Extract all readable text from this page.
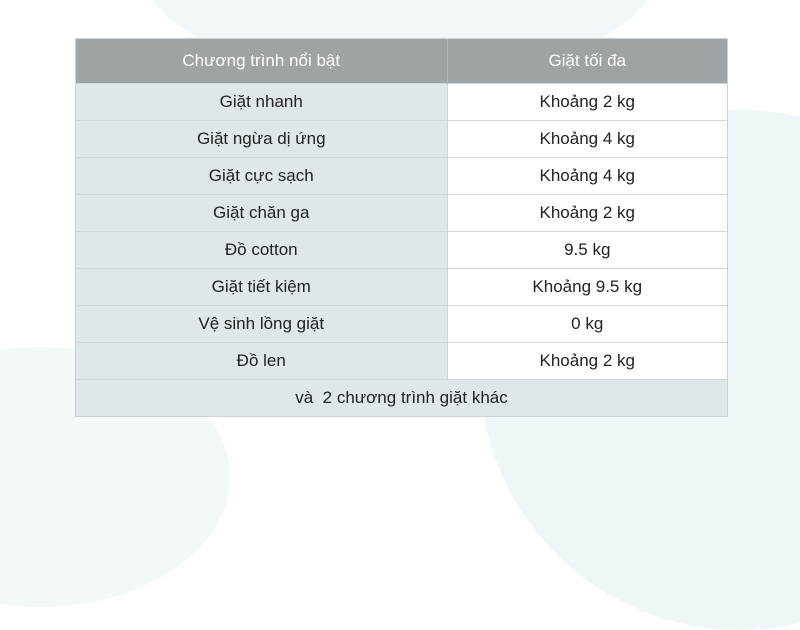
Chương trình nổi bật	Giặt tối đa
Giặt nhanh	Khoảng 2 kg
Giặt ngừa dị ứng	Khoảng 4 kg
Giặt cực sạch	Khoảng 4 kg
Giặt chăn ga	Khoảng 2 kg
Đồ cotton	9.5 kg
Giặt tiết kiệm	Khoảng 9.5 kg
Vệ sinh lồng giặt	0 kg
Đồ len	Khoảng 2 kg
và  2 chương trình giặt khác	
